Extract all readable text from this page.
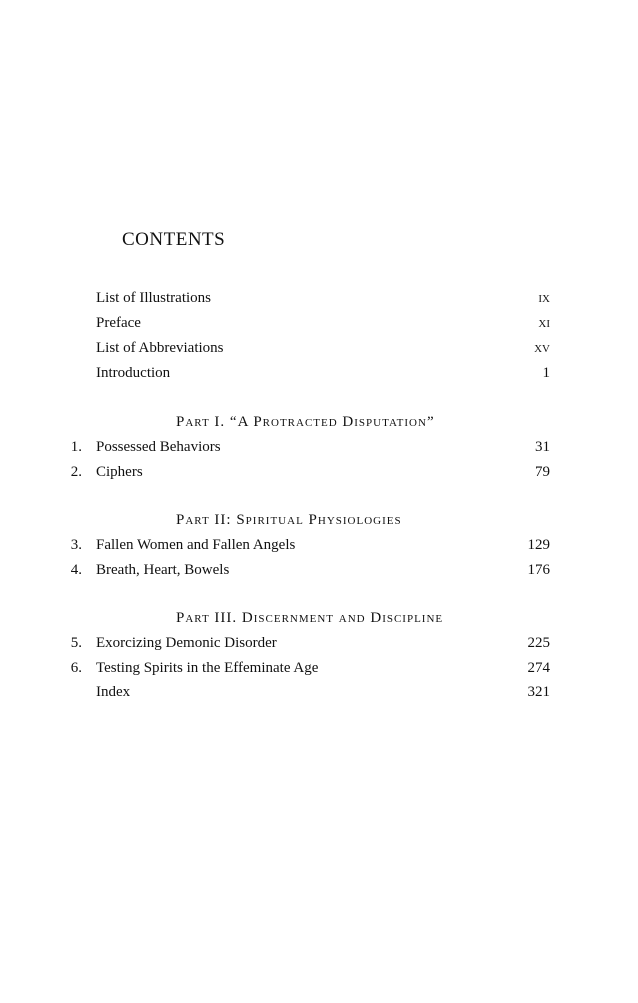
CONTENTS
List of Illustrations	ix
Preface	xi
List of Abbreviations	xv
Introduction	1
Part I. “A Protracted Disputation”
1. Possessed Behaviors	31
2. Ciphers	79
Part II: Spiritual Physiologies
3. Fallen Women and Fallen Angels	129
4. Breath, Heart, Bowels	176
Part III. Discernment and Discipline
5. Exorcizing Demonic Disorder	225
6. Testing Spirits in the Effeminate Age	274
Index	321
